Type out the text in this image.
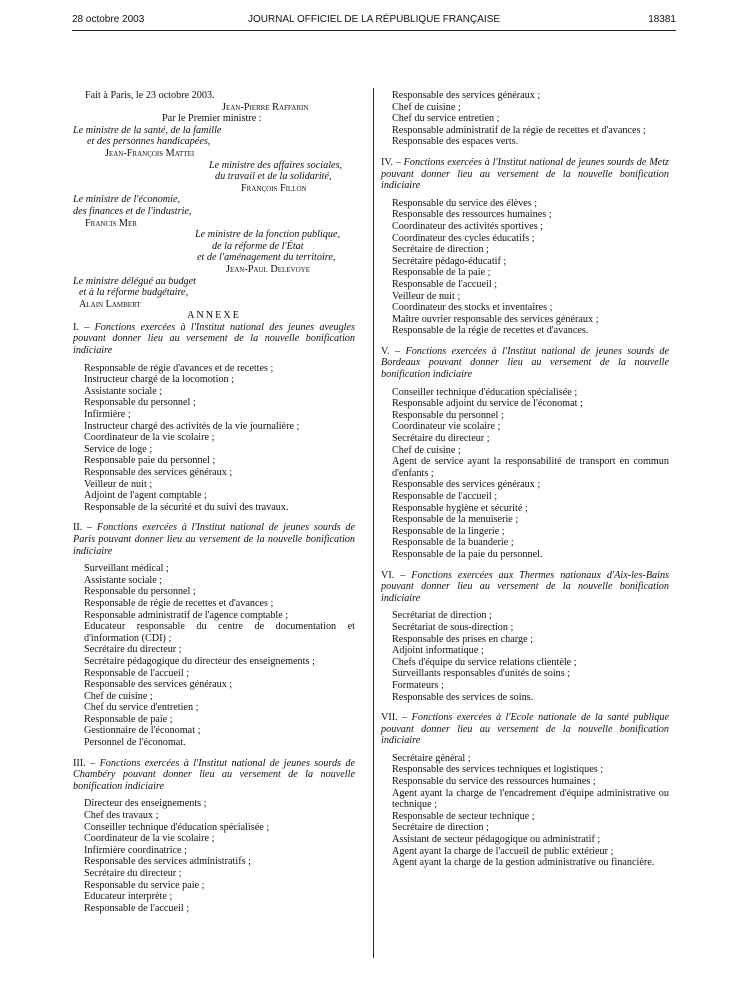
28 octobre 2003	JOURNAL OFFICIEL DE LA RÉPUBLIQUE FRANÇAISE	18381

Fait à Paris, le 23 octobre 2003.

Jean-Pierre Raffarin

Par le Premier ministre :

Le ministre de la santé, de la famille

et des personnes handicapées,

Jean-François Mattei

Le ministre des affaires sociales,

du travail et de la solidarité,

François Fillon

Le ministre de l'économie,

des finances et de l'industrie,

Francis Mer

Le ministre de la fonction publique,

de la réforme de l'État

et de l'aménagement du territoire,

Jean-Paul Delevoye

Le ministre délégué au budget

et à la réforme budgétaire,

Alain Lambert

ANNEXE

I. – Fonctions exercées à l'Institut national des jeunes aveugles pouvant donner lieu au versement de la nouvelle bonification indiciaire

Responsable de régie d'avances et de recettes ;

Instructeur chargé de la locomotion ;

Assistante sociale ;

Responsable du personnel ;

Infirmière ;

Instructeur chargé des activités de la vie journalière ;

Coordinateur de la vie scolaire ;

Service de loge ;

Responsable paie du personnel ;

Responsable des services généraux ;

Veilleur de nuit ;

Adjoint de l'agent comptable ;

Responsable de la sécurité et du suivi des travaux.

II. – Fonctions exercées à l'Institut national de jeunes sourds de Paris pouvant donner lieu au versement de la nouvelle bonification indiciaire

Surveillant médical ;

Assistante sociale ;

Responsable du personnel ;

Responsable de régie de recettes et d'avances ;

Responsable administratif de l'agence comptable ;

Educateur responsable du centre de documentation et d'information (CDI) ;

Secrétaire du directeur ;

Secrétaire pédagogique du directeur des enseignements ;

Responsable de l'accueil ;

Responsable des services généraux ;

Chef de cuisine ;

Chef du service d'entretien ;

Responsable de paie ;

Gestionnaire de l'économat ;

Personnel de l'économat.

III. – Fonctions exercées à l'Institut national de jeunes sourds de Chambéry pouvant donner lieu au versement de la nouvelle bonification indiciaire

Directeur des enseignements ;

Chef des travaux ;

Conseiller technique d'éducation spécialisée ;

Coordinateur de la vie scolaire ;

Infirmière coordinatrice ;

Responsable des services administratifs ;

Secrétaire du directeur ;

Responsable du service paie ;

Educateur interprète ;

Responsable de l'accueil ;

Responsable des services généraux ;

Chef de cuisine ;

Chef du service entretien ;

Responsable administratif de la régie de recettes et d'avances ;

Responsable des espaces verts.

IV. – Fonctions exercées à l'Institut national de jeunes sourds de Metz pouvant donner lieu au versement de la nouvelle bonification indiciaire

Responsable du service des élèves ;

Responsable des ressources humaines ;

Coordinateur des activités sportives ;

Coordinateur des cycles éducatifs ;

Secrétaire de direction ;

Secrétaire pédago-éducatif ;

Responsable de la paie ;

Responsable de l'accueil ;

Veilleur de nuit ;

Coordinateur des stocks et inventaires ;

Maître ouvrier responsable des services généraux ;

Responsable de la régie de recettes et d'avances.

V. – Fonctions exercées à l'Institut national de jeunes sourds de Bordeaux pouvant donner lieu au versement de la nouvelle bonification indiciaire

Conseiller technique d'éducation spécialisée ;

Responsable adjoint du service de l'économat ;

Responsable du personnel ;

Coordinateur vie scolaire ;

Secrétaire du directeur ;

Chef de cuisine ;

Agent de service ayant la responsabilité de transport en commun d'enfants ;

Responsable des services généraux ;

Responsable de l'accueil ;

Responsable hygiène et sécurité ;

Responsable de la menuiserie ;

Responsable de la lingerie ;

Responsable de la buanderie ;

Responsable de la paie du personnel.

VI. – Fonctions exercées aux Thermes nationaux d'Aix-les-Bains pouvant donner lieu au versement de la nouvelle bonification indiciaire

Secrétariat de direction ;

Secrétariat de sous-direction ;

Responsable des prises en charge ;

Adjoint informatique ;

Chefs d'équipe du service relations clientèle ;

Surveillants responsables d'unités de soins ;

Formateurs ;

Responsable des services de soins.

VII. – Fonctions exercées à l'Ecole nationale de la santé publique pouvant donner lieu au versement de la nouvelle bonification indiciaire

Secrétaire général ;

Responsable des services techniques et logistiques ;

Responsable du service des ressources humaines ;

Agent ayant la charge de l'encadrement d'équipe administrative ou technique ;

Responsable de secteur technique ;

Secrétaire de direction ;

Assistant de secteur pédagogique ou administratif ;

Agent ayant la charge de l'accueil de public extérieur ;

Agent ayant la charge de la gestion administrative ou financière.
